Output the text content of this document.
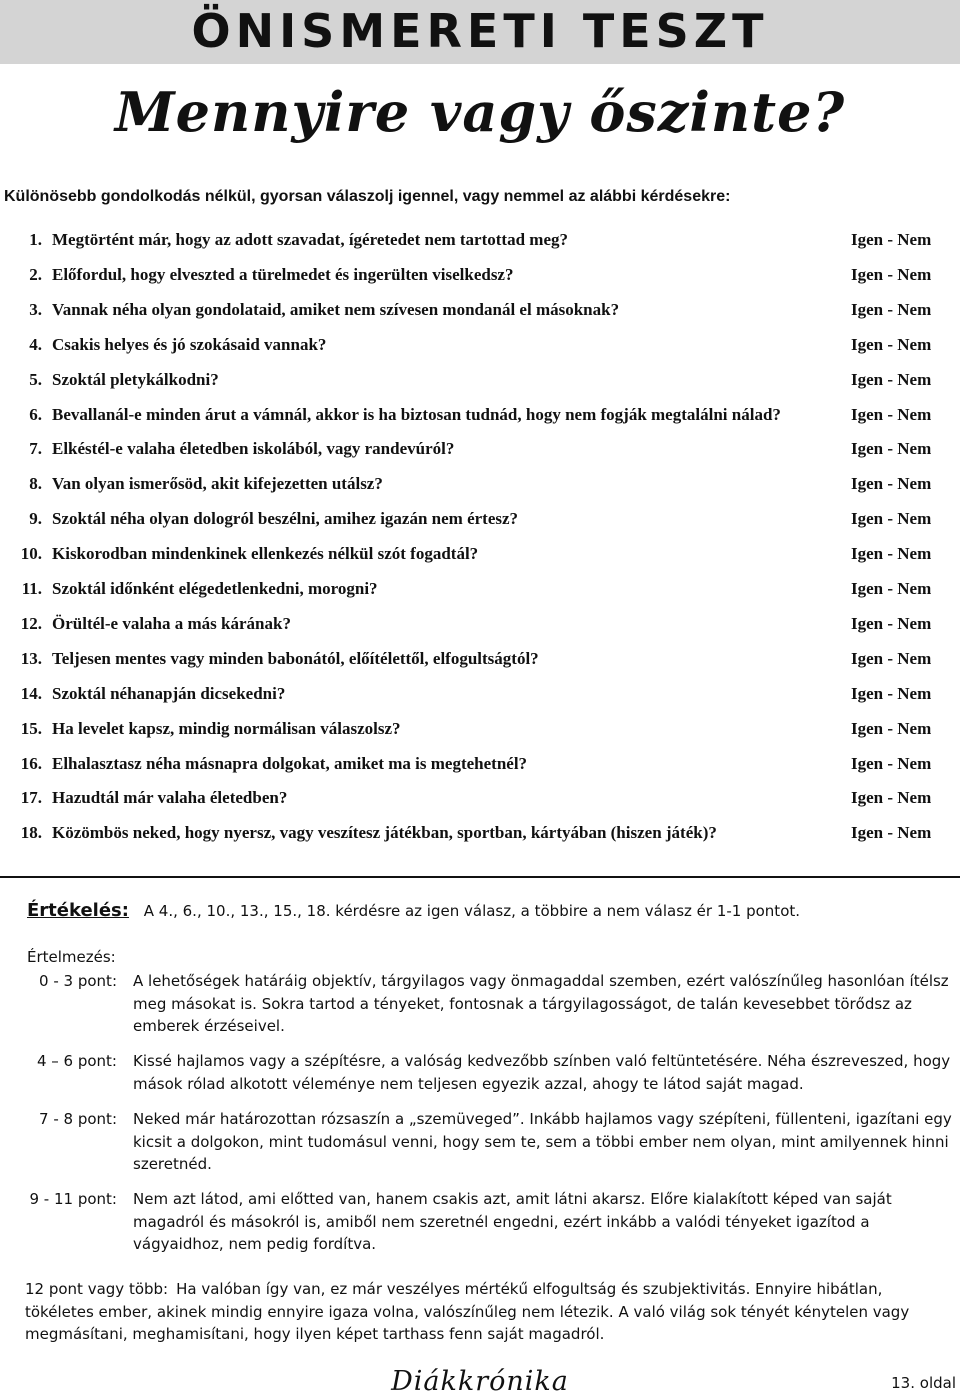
ÖNISMERETI TESZT
Mennyire vagy őszinte?
Különösebb gondolkodás nélkül, gyorsan válaszolj igennel, vagy nemmel az alábbi kérdésekre:
1. Megtörtént már, hogy az adott szavadat, ígéretedet nem tartottad meg?	Igen - Nem
2. Előfordul, hogy elveszted a türelmedet és ingerülten viselkedsz?	Igen - Nem
3. Vannak néha olyan gondolataid, amiket nem szívesen mondanál el másoknak?	Igen - Nem
4. Csakis helyes és jó szokásaid vannak?	Igen - Nem
5. Szoktál pletykálkodni?	Igen - Nem
6. Bevallanál-e minden árut a vámnál, akkor is ha biztosan tudnád, hogy nem fogják megtalálni nálad?	Igen - Nem
7. Elkéstél-e valaha életedben iskolából, vagy randevúról?	Igen - Nem
8. Van olyan ismerősöd, akit kifejezetten utálsz?	Igen - Nem
9. Szoktál néha olyan dologról beszélni, amihez igazán nem értesz?	Igen - Nem
10. Kiskorodban mindenkinek ellenkezés nélkül szót fogadtál?	Igen - Nem
11. Szoktál időnként elégedetlenkedni, morogni?	Igen - Nem
12. Örültél-e valaha a más kárának?	Igen - Nem
13. Teljesen mentes vagy minden babonától, előítélettől, elfogultságtól?	Igen - Nem
14. Szoktál néhanapján dicsekedni?	Igen - Nem
15. Ha levelet kapsz, mindig normálisan válaszolsz?	Igen - Nem
16. Elhalasztasz néha másnapra dolgokat, amiket ma is megtehetnél?	Igen - Nem
17. Hazudtál már valaha életedben?	Igen - Nem
18. Közömbös neked, hogy nyersz, vagy veszítesz játékban, sportban, kártyában (hiszen játék)?	Igen - Nem
Értékelés: A 4., 6., 10., 13., 15., 18. kérdésre az igen válasz, a többire a nem válasz ér 1-1 pontot.
Értelmezés:
0 - 3 pont: A lehetőségek határáig objektív, tárgyilagos vagy önmagaddal szemben, ezért valószínűleg hasonlóan ítélsz meg másokat is. Sokra tartod a tényeket, fontosnak a tárgyilagosságot, de talán kevesebbet törődsz az emberek érzéseivel.
4 – 6 pont: Kissé hajlamos vagy a szépítésre, a valóság kedvezőbb színben való feltüntetésére. Néha észreveszed, hogy mások rólad alkotott véleménye nem teljesen egyezik azzal, ahogy te látod saját magad.
7 - 8 pont: Neked már határozottan rózsaszín a „szemüveged”. Inkább hajlamos vagy szépíteni, füllenteni, igazítani egy kicsit a dolgokon, mint tudomásul venni, hogy sem te, sem a többi ember nem olyan, mint amilyennek hinni szeretnéd.
9 - 11 pont: Nem azt látod, ami előtted van, hanem csakis azt, amit látni akarsz. Előre kialakított képed van saját magadról és másokról is, amiből nem szeretnél engedni, ezért inkább a valódi tényeket igazítod a vágyaidhoz, nem pedig fordítva.
12 pont vagy több: Ha valóban így van, ez már veszélyes mértékű elfogultság és szubjektivitás. Ennyire hibátlan, tökéletes ember, akinek mindig ennyire igaza volna, valószínűleg nem létezik. A való világ sok tényét kénytelen vagy megmásítani, meghamisítani, hogy ilyen képet tarthass fenn saját magadról.
Diákkrónika	13. oldal
